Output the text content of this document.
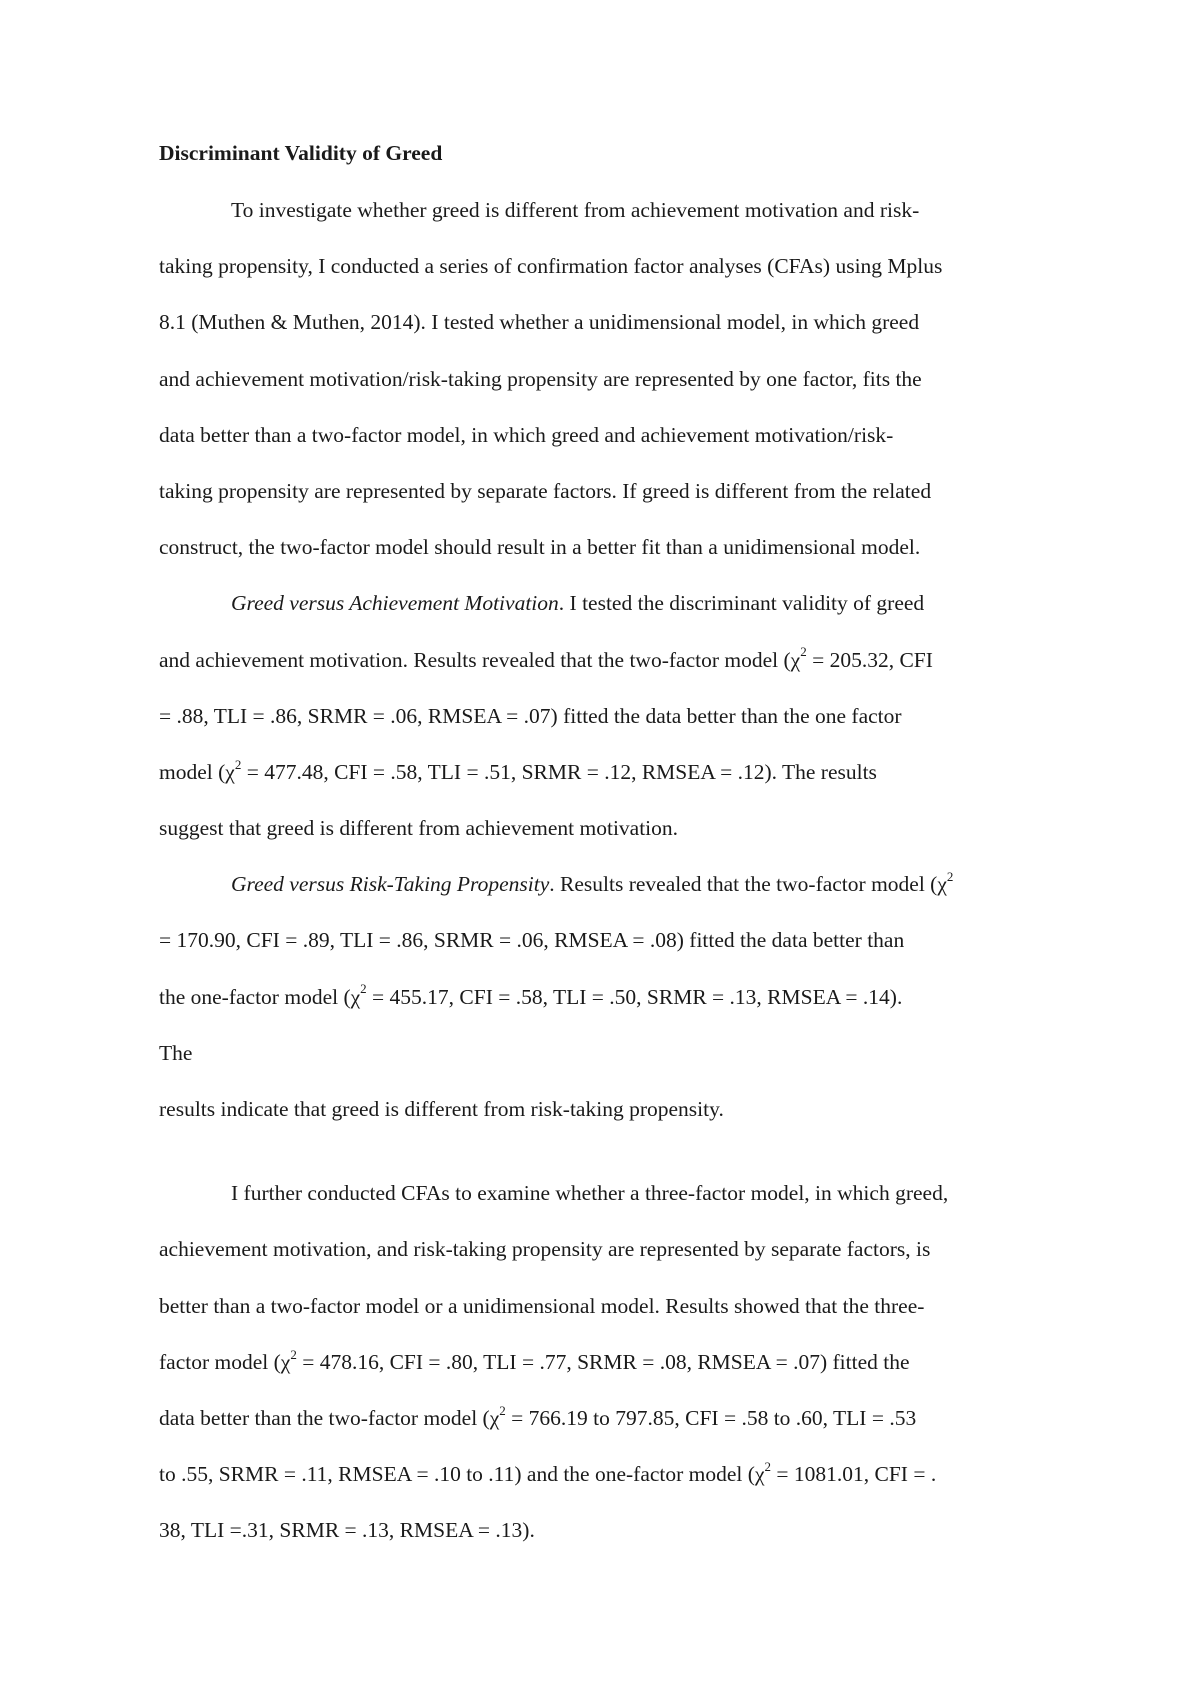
Discriminant Validity of Greed
To investigate whether greed is different from achievement motivation and risk-
taking propensity, I conducted a series of confirmation factor analyses (CFAs) using Mplus
8.1 (Muthen & Muthen, 2014). I tested whether a unidimensional model, in which greed
and achievement motivation/risk-taking propensity are represented by one factor, fits the
data better than a two-factor model, in which greed and achievement motivation/risk-
taking propensity are represented by separate factors. If greed is different from the related
construct, the two-factor model should result in a better fit than a unidimensional model.
Greed versus Achievement Motivation. I tested the discriminant validity of greed
and achievement motivation. Results revealed that the two-factor model ($\chi^2 = 205.32$, CFI
= .88, TLI = .86, SRMR = .06, RMSEA = .07) fitted the data better than the one factor
model ($\chi^2 = 477.48$, CFI = .58, TLI = .51, SRMR = .12, RMSEA = .12). The results
suggest that greed is different from achievement motivation.
Greed versus Risk-Taking Propensity. Results revealed that the two-factor model ($\chi^2$
= 170.90, CFI = .89, TLI = .86, SRMR = .06, RMSEA = .08) fitted the data better than
the one-factor model ($\chi^2 = 455.17$, CFI = .58, TLI = .50, SRMR = .13, RMSEA = .14).
The
results indicate that greed is different from risk-taking propensity.
I further conducted CFAs to examine whether a three-factor model, in which greed,
achievement motivation, and risk-taking propensity are represented by separate factors, is
better than a two-factor model or a unidimensional model. Results showed that the three-
factor model ($\chi^2 = 478.16$, CFI = .80, TLI = .77, SRMR = .08, RMSEA = .07) fitted the
data better than the two-factor model ($\chi^2 = 766.19$ to 797.85, CFI = .58 to .60, TLI = .53
to .55, SRMR = .11, RMSEA = .10 to .11) and the one-factor model ($\chi^2 = 1081.01$, CFI = .
38, TLI =.31, SRMR = .13, RMSEA = .13).
